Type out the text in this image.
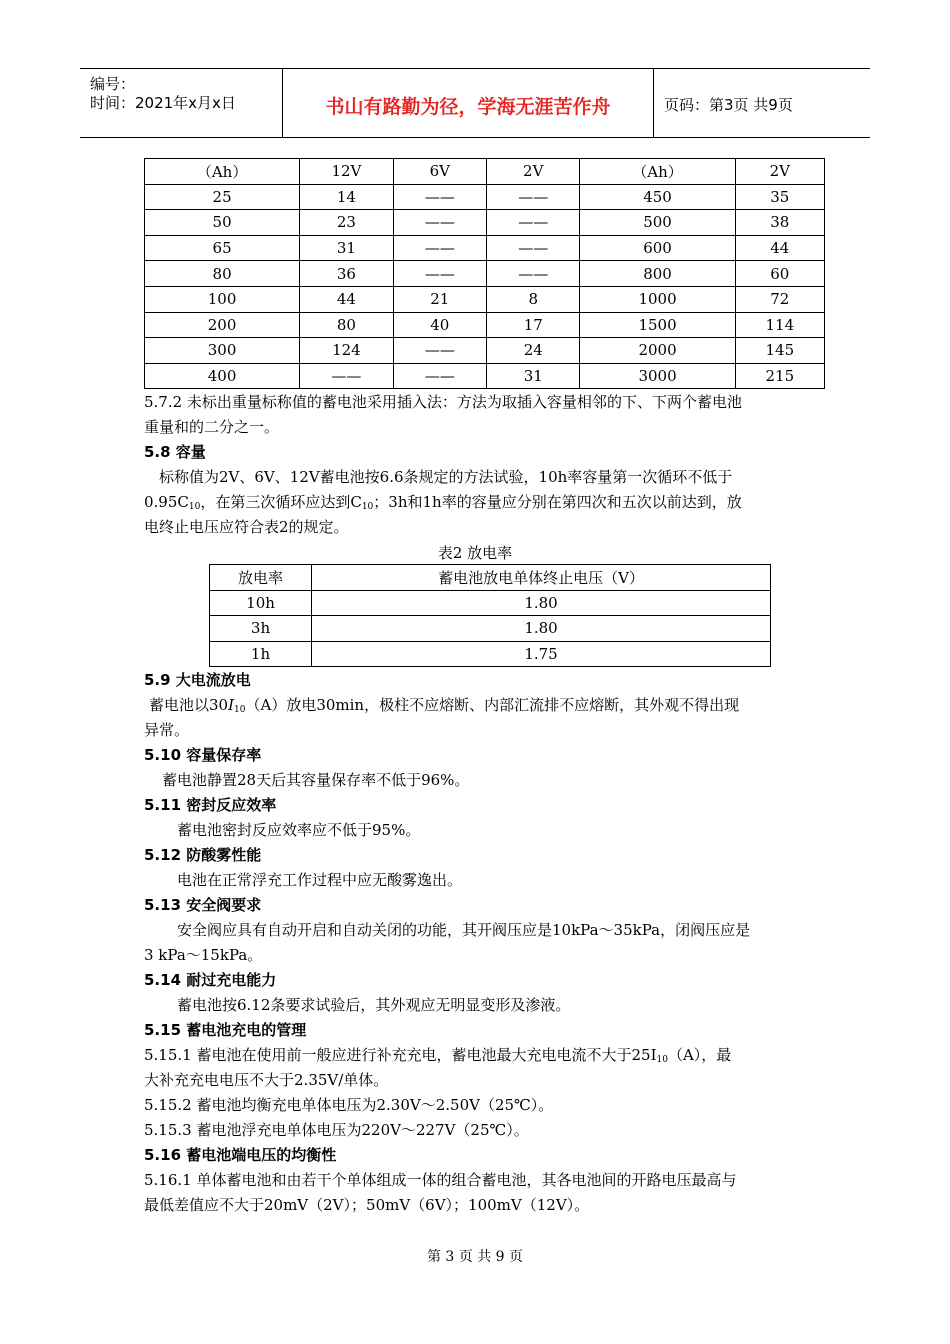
编号：
时间：2021年x月x日	书山有路勤为径，学海无涯苦作舟	页码：第3页 共9页
（Ah）	12V	6V	2V	（Ah）	2V
25	14	——	——	450	35
50	23	——	——	500	38
65	31	——	——	600	44
80	36	——	——	800	60
100	44	21	8	1000	72
200	80	40	17	1500	114
300	124	——	24	2000	145
400	——	——	31	3000	215
5.7.2 未标出重量标称值的蓄电池采用插入法：方法为取插入容量相邻的下、下两个蓄电池
重量和的二分之一。
5.8 容量
标称值为2V、6V、12V蓄电池按6.6条规定的方法试验，10h率容量第一次循环不低于
$0.95C_{10}$，在第三次循环应达到$C_{10}$；3h和1h率的容量应分别在第四次和五次以前达到，放
电终止电压应符合表2的规定。
表2 放电率
放电率	蓄电池放电单体终止电压（V）
10h	1.80
3h	1.80
1h	1.75
5.9 大电流放电
蓄电池以$30I_{10}(A)$放电30min，极柱不应熔断、内部汇流排不应熔断，其外观不得出现
异常。
5.10 容量保存率
蓄电池静置28天后其容量保存率不低于96%。
5.11 密封反应效率
蓄电池密封反应效率应不低于95%。
5.12 防酸雾性能
电池在正常浮充工作过程中应无酸雾逸出。
5.13 安全阀要求
安全阀应具有自动开启和自动关闭的功能，其开阀压应是10kPa～35kPa，闭阀压应是
3 kPa～15kPa。
5.14 耐过充电能力
蓄电池按6.12条要求试验后，其外观应无明显变形及渗液。
5.15 蓄电池充电的管理
5.15.1 蓄电池在使用前一般应进行补充充电，蓄电池最大充电电流不大于$25I_{10}(A)$，最
大补充充电电压不大于2.35V/单体。
5.15.2 蓄电池均衡充电单体电压为2.30V～2.50V（25℃）。
5.15.3 蓄电池浮充电单体电压为220V～227V（25℃）。
5.16 蓄电池端电压的均衡性
5.16.1 单体蓄电池和由若干个单体组成一体的组合蓄电池，其各电池间的开路电压最高与
最低差值应不大于20mV（2V）；50mV（6V）；100mV（12V）。
第 3 页 共 9 页
